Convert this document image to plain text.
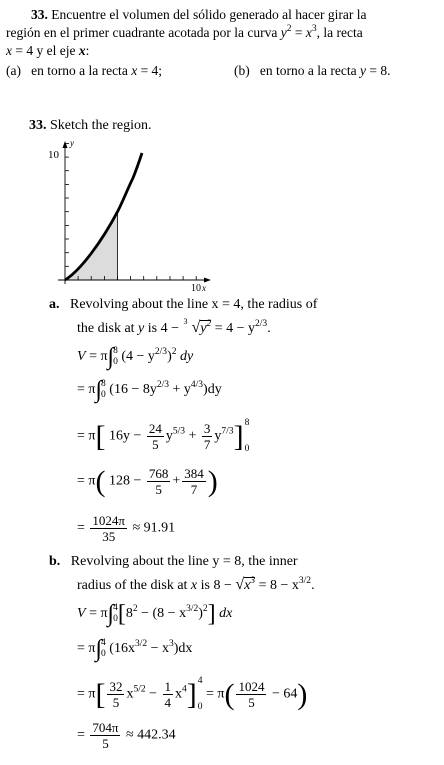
33. Encuentre el volumen del sólido generado al hacer girar la
región en el primer cuadrante acotada por la curva $y^2 = x^3$, la recta
x = 4 y el eje x:
(a) en torno a la recta x = 4;	(b) en torno a la recta y = 8.
33. Sketch the region.
10
10
y
x
a. Revolving about the line x = 4, the radius of
the disk at y is 4 − 3 $√y^2 = 4 - y^{2/3}$.
V = π∫8
0 $(4 - y^{2/3})^2$ dy
= π∫8
0 $(16 - 8y^{2/3} + y^{4/3})dy$
= π[ $16y - \frac{24}{5} y^{5/3} + \frac{3}{7} y^{7/3}]8$

0
= π( $128 - \frac{768}{5} + \frac{384}{7}$ )
= $\frac{1024\pi}{35} \approx 91.91$
b. Revolving about the line y = 8, the inner
radius of the disk at x is $8 - √x^3 = 8 - x^{3/2}$.
V = π∫4
$0[8^2 - (8 - x^{3/2})^2]$ dx
= π∫4
0 $(16x^{3/2} - x^3)dx$
= $\pi[ \frac{32}{5} x^{5/2} - \frac{1}{4} x^4]4$

$0 = \pi( \frac{1024}{5} - 64)$
= $\frac{704\pi}{5} \approx 442.34$
